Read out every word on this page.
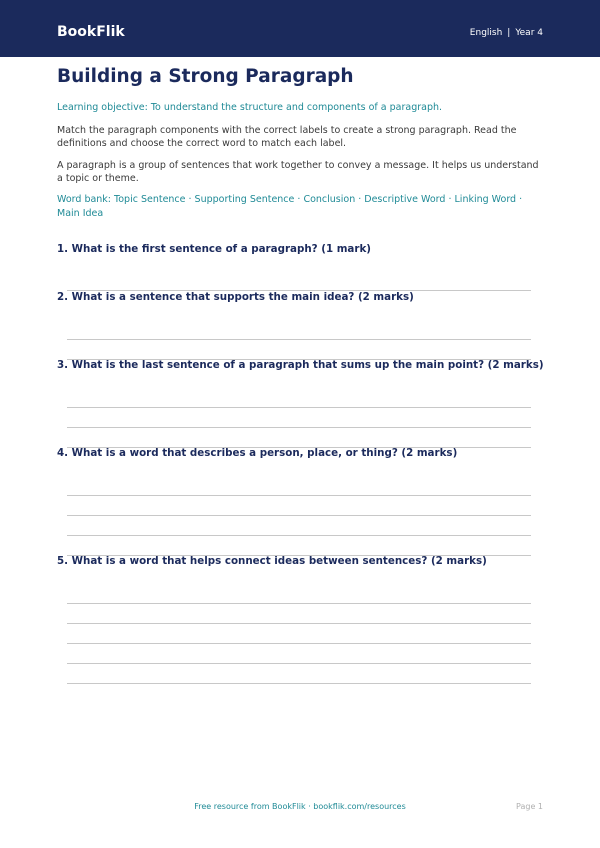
BookFlik	English | Year 4
Building a Strong Paragraph
Learning objective: To understand the structure and components of a paragraph.
Match the paragraph components with the correct labels to create a strong paragraph. Read the definitions and choose the correct word to match each label.
A paragraph is a group of sentences that work together to convey a message. It helps us understand a topic or theme.
Word bank: Topic Sentence · Supporting Sentence · Conclusion · Descriptive Word · Linking Word · Main Idea
1. What is the first sentence of a paragraph? (1 mark)
2. What is a sentence that supports the main idea? (2 marks)
3. What is the last sentence of a paragraph that sums up the main point? (2 marks)
4. What is a word that describes a person, place, or thing? (2 marks)
5. What is a word that helps connect ideas between sentences? (2 marks)
Free resource from BookFlik · bookflik.com/resources	Page 1
